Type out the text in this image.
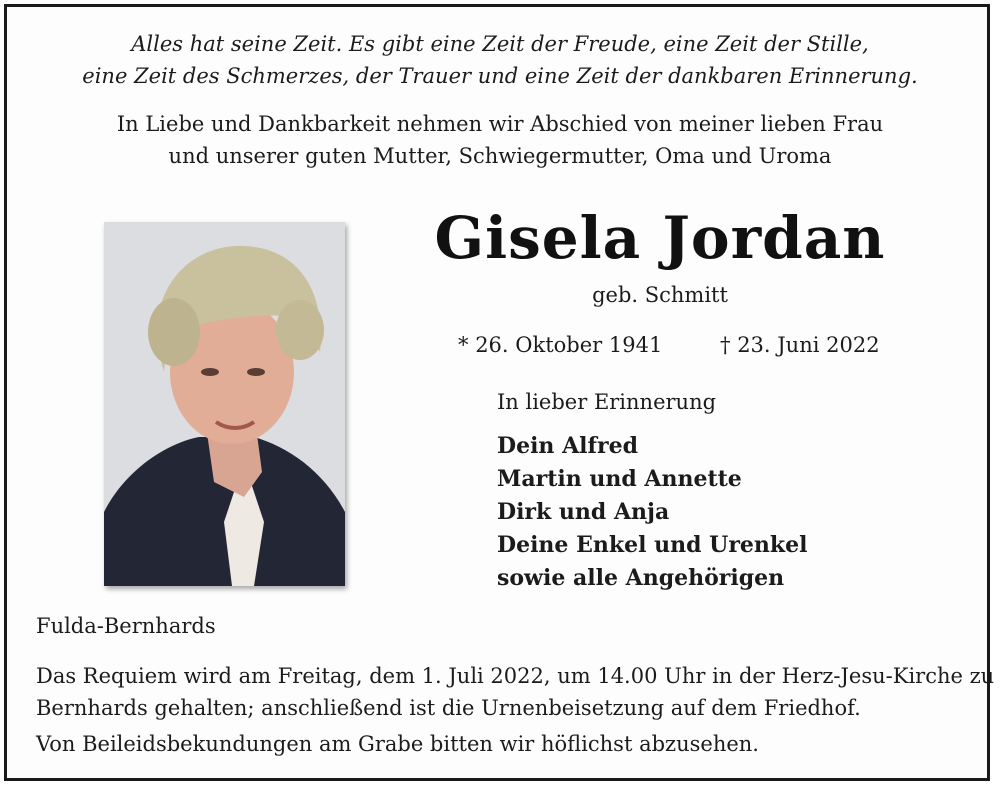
Alles hat seine Zeit. Es gibt eine Zeit der Freude, eine Zeit der Stille,
eine Zeit des Schmerzes, der Trauer und eine Zeit der dankbaren Erinnerung.
In Liebe und Dankbarkeit nehmen wir Abschied von meiner lieben Frau
und unserer guten Mutter, Schwiegermutter, Oma und Uroma
Gisela Jordan
geb. Schmitt
* 26. Oktober 1941	† 23. Juni 2022
In lieber Erinnerung
Dein Alfred
Martin und Annette
Dirk und Anja
Deine Enkel und Urenkel
sowie alle Angehörigen
Fulda-Bernhards
Das Requiem wird am Freitag, dem 1. Juli 2022, um 14.00 Uhr in der Herz-Jesu-Kirche zu
Bernhards gehalten; anschließend ist die Urnenbeisetzung auf dem Friedhof.
Von Beileidsbekundungen am Grabe bitten wir höflichst abzusehen.
